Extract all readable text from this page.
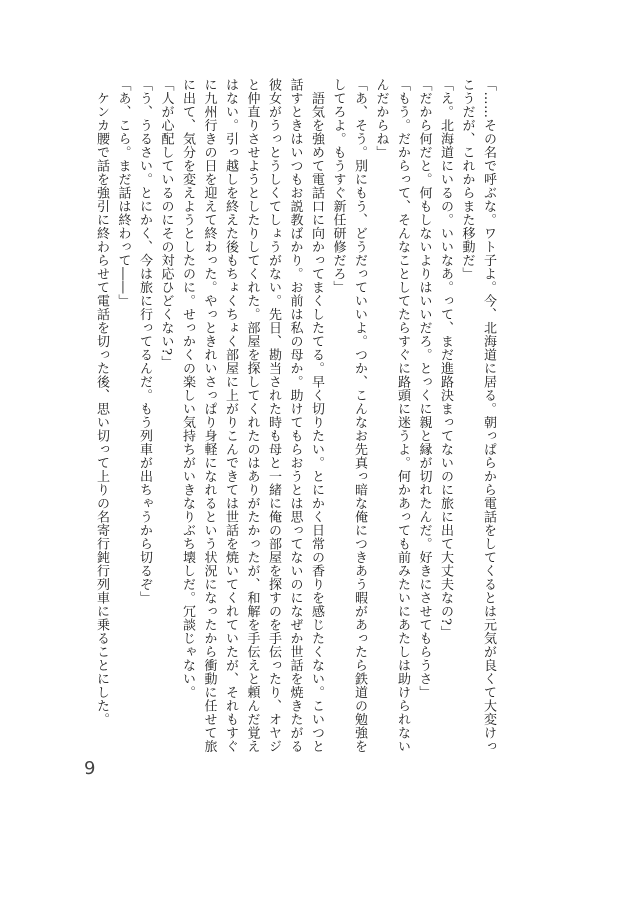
「……その名で呼ぶな。ワト子よ。今、北海道に居る。朝っぱらから電話をしてくるとは元気が良くて大変けっ
こうだが、これからまた移動だ」
「え。北海道にいるの。いいなあ。って、まだ進路決まってないのに旅に出て大丈夫なの?」
「だから何だと。何もしないよりはいいだろ。とっくに親と縁が切れたんだ。好きにさせてもらうさ」
「もう。だからって、そんなことしてたらすぐに路頭に迷うよ。何かあっても前みたいにあたしは助けられない
んだからね」
「あ、そう。別にもう、どうだっていいよ。つか、こんなお先真っ暗な俺につきあう暇があったら鉄道の勉強を
してろよ。もうすぐ新任研修だろ」
　語気を強めて電話口に向かってまくしたてる。早く切りたい。とにかく日常の香りを感じたくない。こいつと
話すときはいつもお説教ばかり。お前は私の母か。助けてもらおうとは思ってないのになぜか世話を焼きたがる
彼女がうっとうしくてしょうがない。先日、勘当された時も母と一緒に俺の部屋を探すのを手伝ったり、オヤジ
と仲直りさせようとしたりしてくれた。部屋を探してくれたのはありがたかったが、和解を手伝えと頼んだ覚え
はない。引っ越しを終えた後もちょくちょく部屋に上がりこんできては世話を焼いてくれていたが、それもすぐ
に九州行きの日を迎えて終わった。やっときれいさっぱり身軽になれるという状況になったから衝動に任せて旅
に出て、気分を変えようとしたのに。せっかくの楽しい気持ちがいきなりぶち壊しだ。冗談じゃない。
「人が心配しているのにその対応ひどくない?」
「う、うるさい。とにかく、今は旅に行ってるんだ。もう列車が出ちゃうから切るぞ」
「あ、こら。まだ話は終わって――」
　ケンカ腰で話を強引に終わらせて電話を切った後、思い切って上りの名寄行鈍行列車に乗ることにした。
9
